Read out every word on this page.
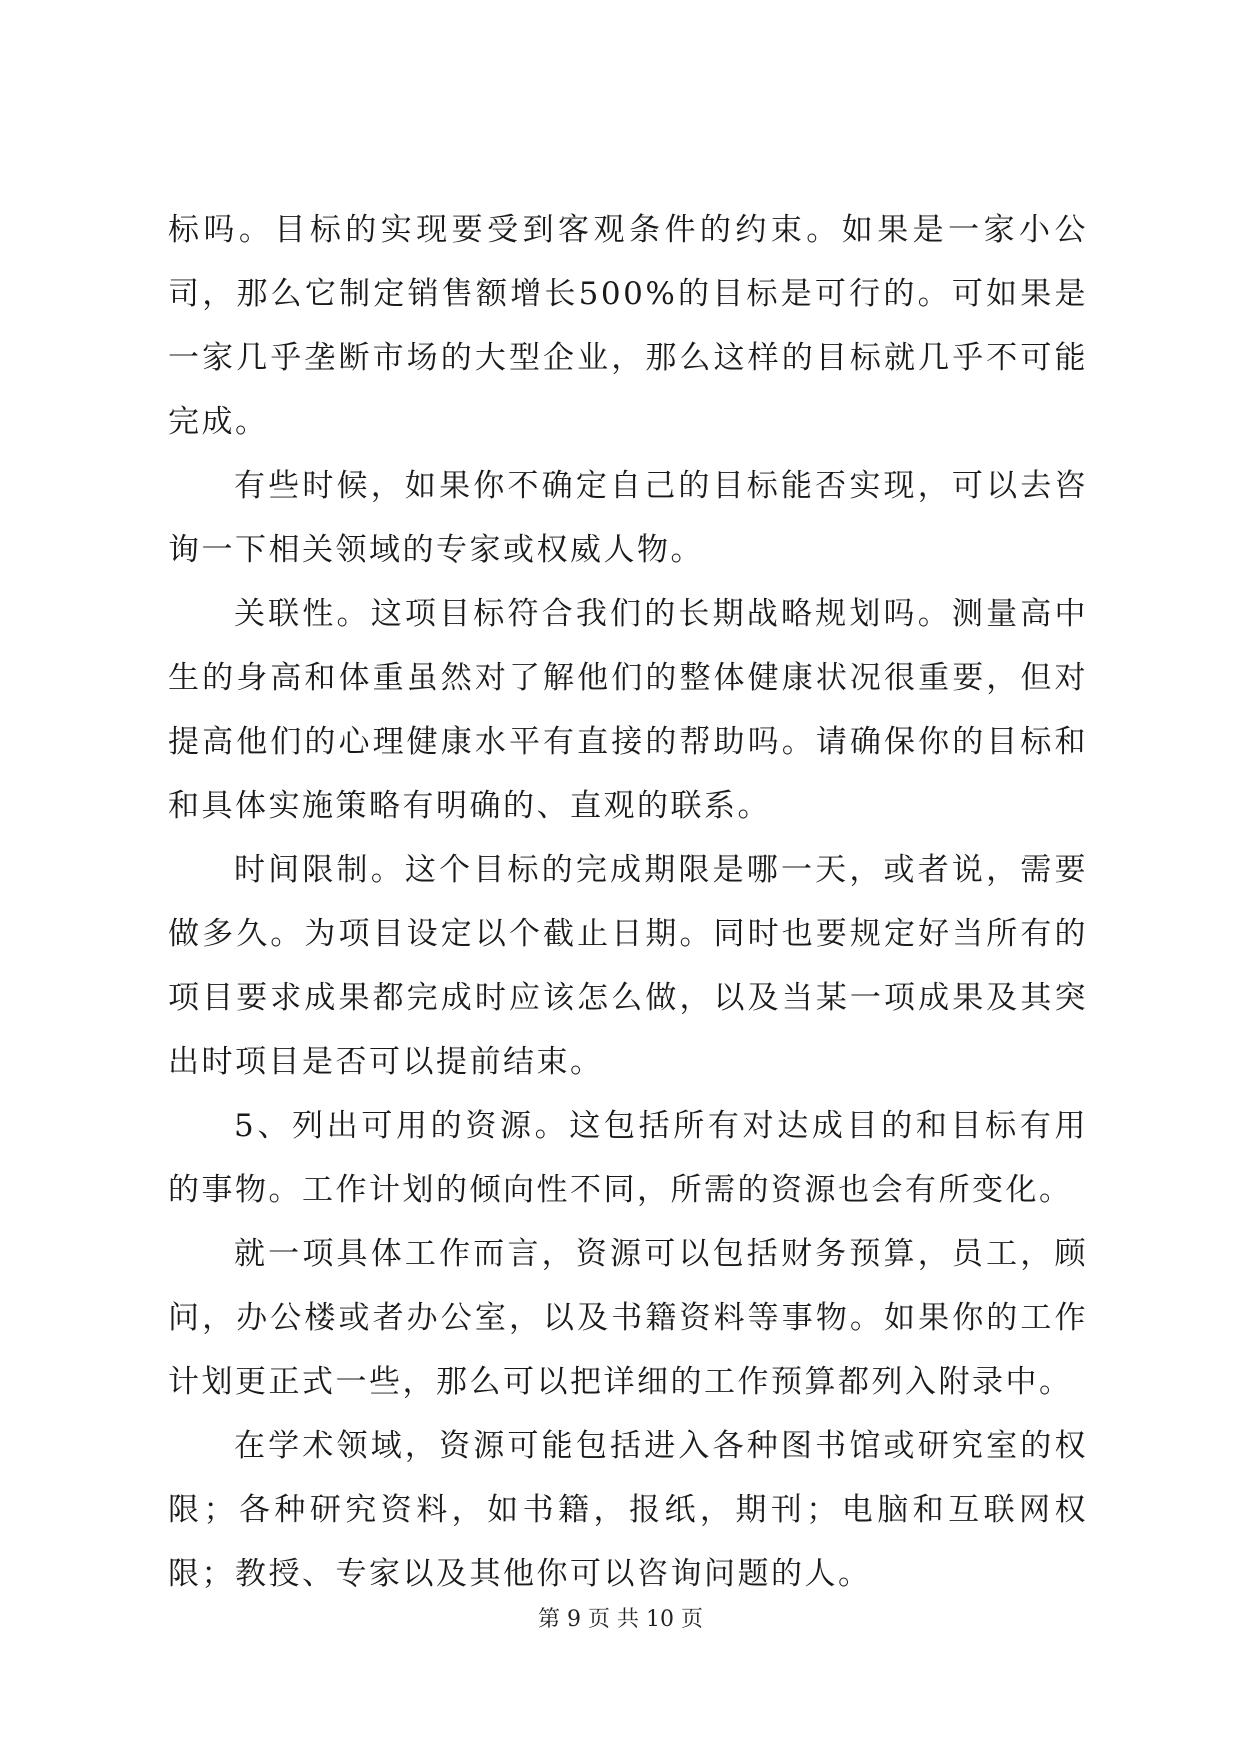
标吗。目标的实现要受到客观条件的约束。如果是一家小公司，那么它制定销售额增长500%的目标是可行的。可如果是一家几乎垄断市场的大型企业，那么这样的目标就几乎不可能完成。

有些时候，如果你不确定自己的目标能否实现，可以去咨询一下相关领域的专家或权威人物。

关联性。这项目标符合我们的长期战略规划吗。测量高中生的身高和体重虽然对了解他们的整体健康状况很重要，但对提高他们的心理健康水平有直接的帮助吗。请确保你的目标和和具体实施策略有明确的、直观的联系。

时间限制。这个目标的完成期限是哪一天，或者说，需要做多久。为项目设定以个截止日期。同时也要规定好当所有的项目要求成果都完成时应该怎么做，以及当某一项成果及其突出时项目是否可以提前结束。

5、列出可用的资源。这包括所有对达成目的和目标有用的事物。工作计划的倾向性不同，所需的资源也会有所变化。

就一项具体工作而言，资源可以包括财务预算，员工，顾问，办公楼或者办公室，以及书籍资料等事物。如果你的工作计划更正式一些，那么可以把详细的工作预算都列入附录中。

在学术领域，资源可能包括进入各种图书馆或研究室的权限；各种研究资料，如书籍，报纸，期刊；电脑和互联网权限；教授、专家以及其他你可以咨询问题的人。

第 9 页 共 10 页
